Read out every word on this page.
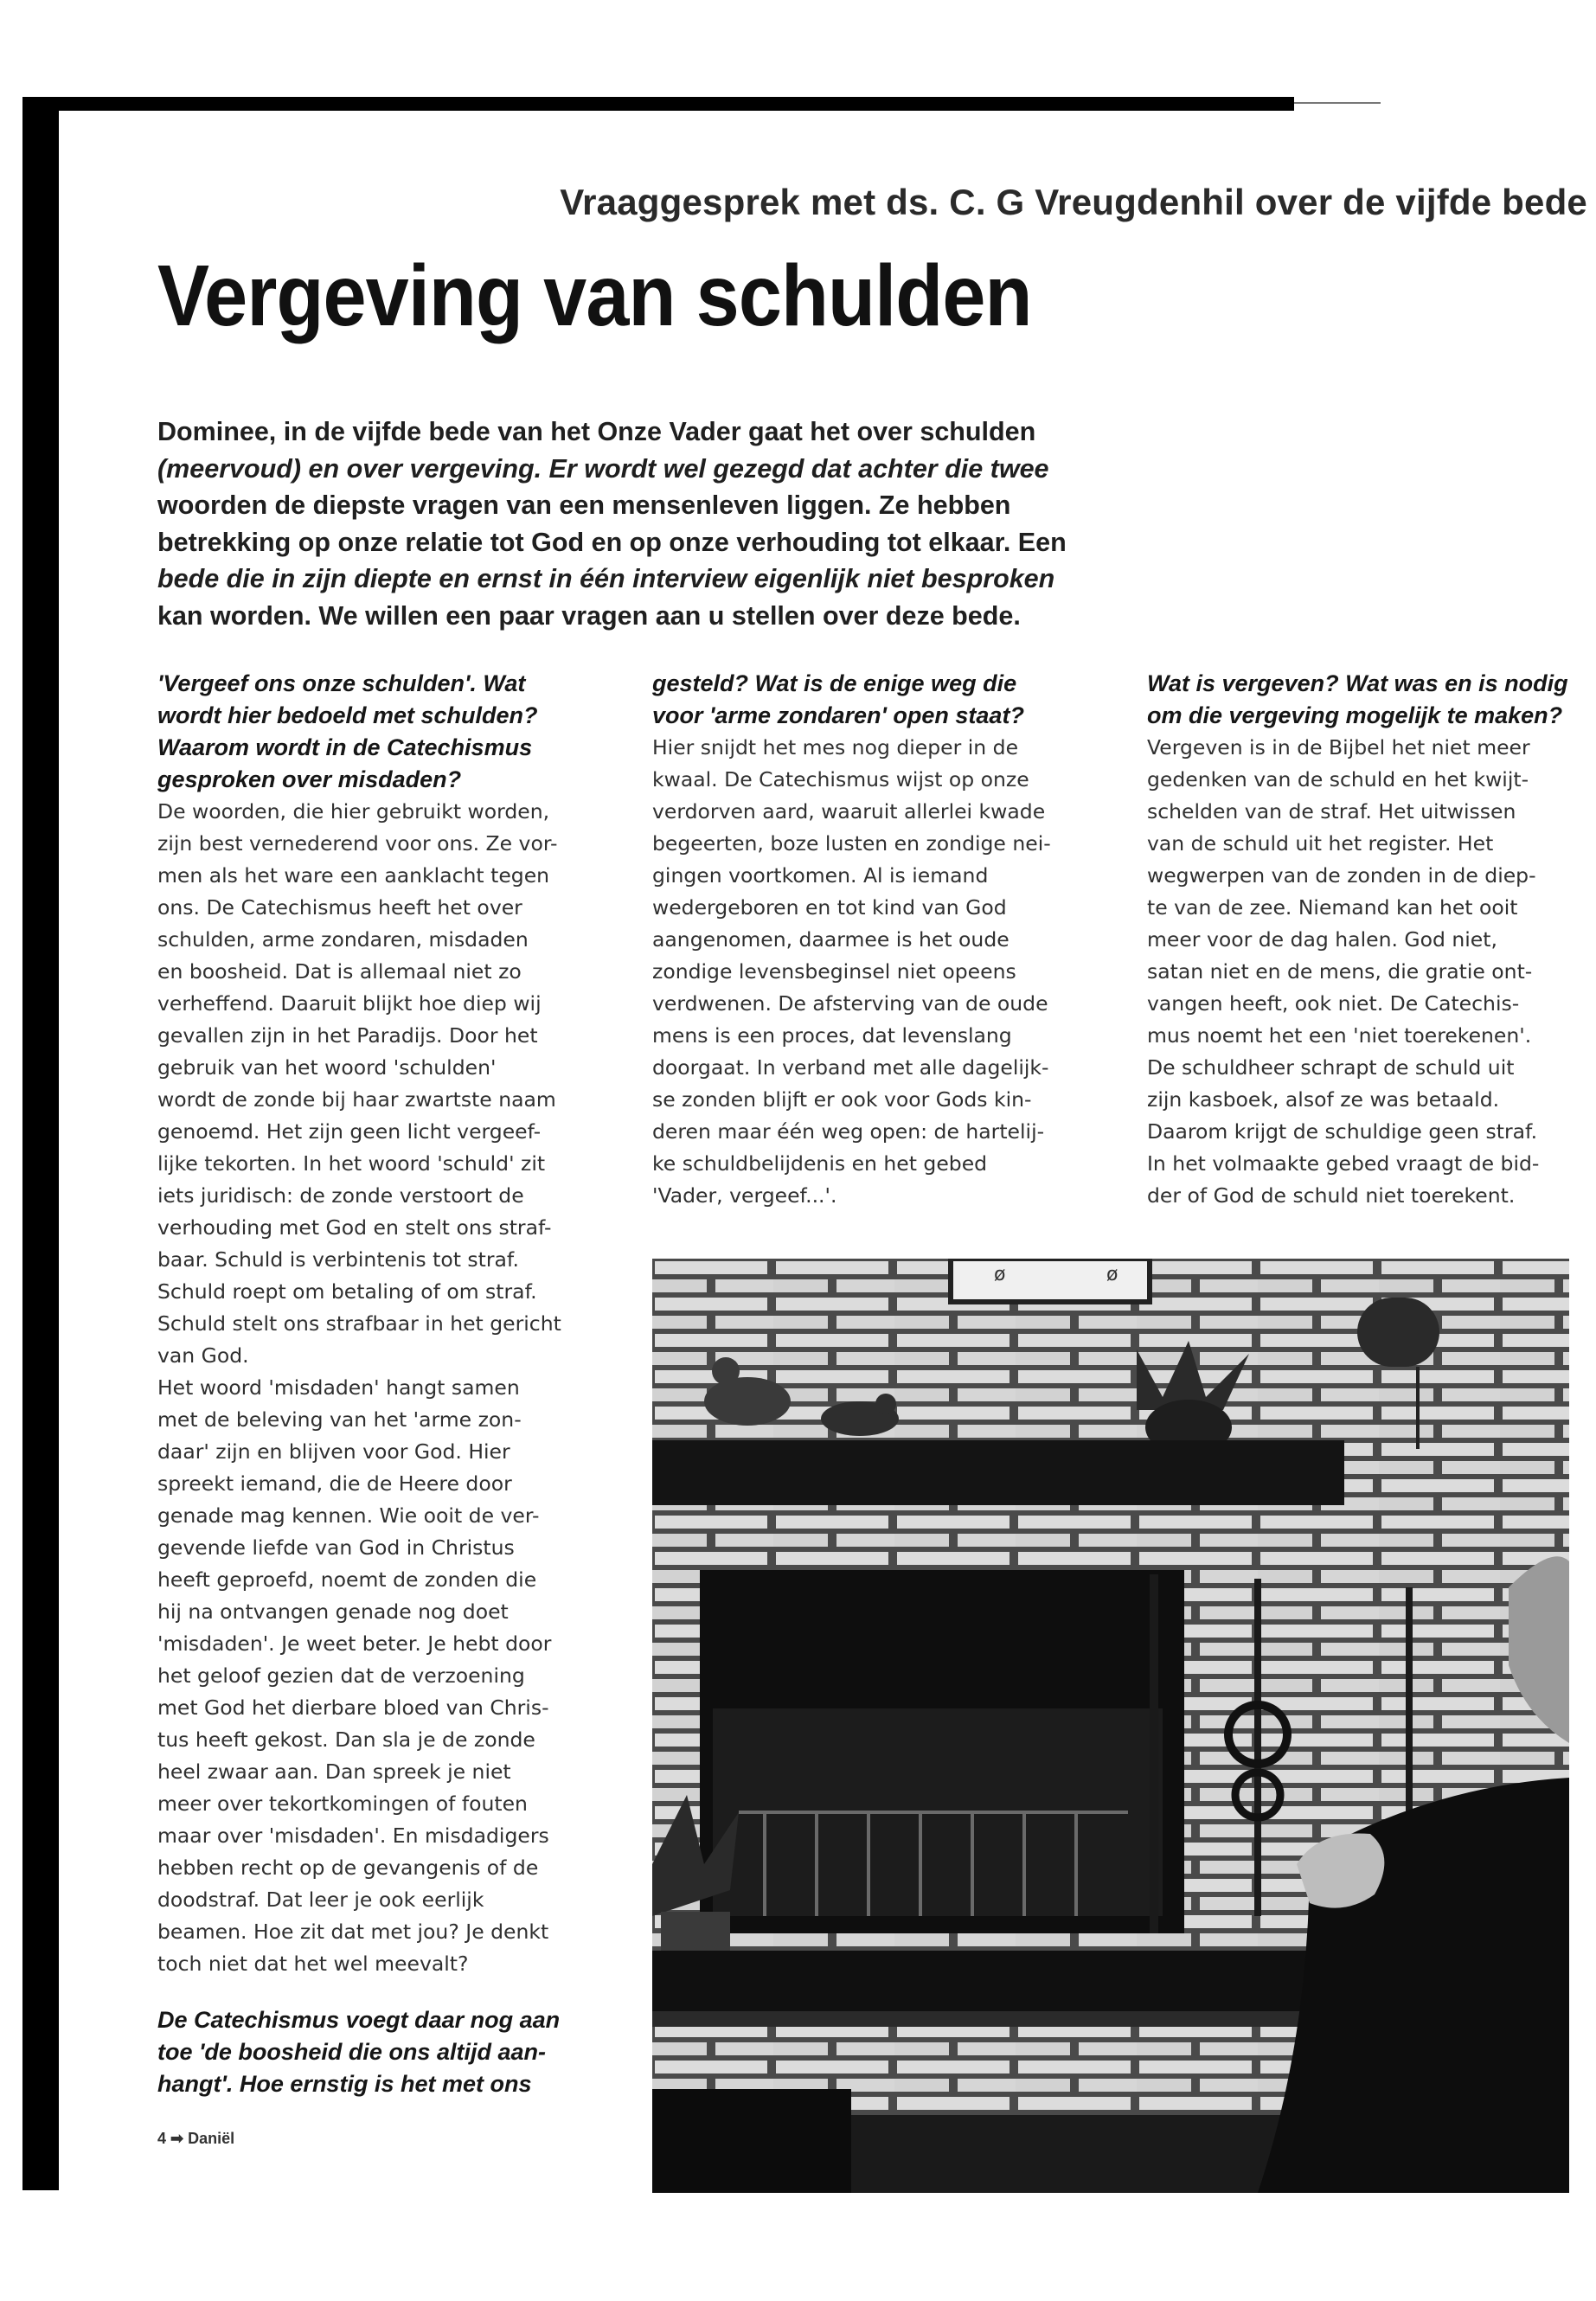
Vraaggesprek met ds. C. G Vreugdenhil over de vijfde bede
Vergeving van schulden

Dominee, in de vijfde bede van het Onze Vader gaat het over schulden

(meervoud) en over vergeving. Er wordt wel gezegd dat achter die twee

woorden de diepste vragen van een mensenleven liggen. Ze hebben

betrekking op onze relatie tot God en op onze verhouding tot elkaar. Een

bede die in zijn diepte en ernst in één interview eigenlijk niet besproken

kan worden. We willen een paar vragen aan u stellen over deze bede.

'Vergeef ons onze schulden'. Wat

wordt hier bedoeld met schulden?

Waarom wordt in de Catechismus

gesproken over misdaden?

De woorden, die hier gebruikt worden,

zijn best vernederend voor ons. Ze vor-

men als het ware een aanklacht tegen

ons. De Catechismus heeft het over

schulden, arme zondaren, misdaden

en boosheid. Dat is allemaal niet zo

verheffend. Daaruit blijkt hoe diep wij

gevallen zijn in het Paradijs. Door het

gebruik van het woord 'schulden'

wordt de zonde bij haar zwartste naam

genoemd. Het zijn geen licht vergeef-

lijke tekorten. In het woord 'schuld' zit

iets juridisch: de zonde verstoort de

verhouding met God en stelt ons straf-

baar. Schuld is verbintenis tot straf.

Schuld roept om betaling of om straf.

Schuld stelt ons strafbaar in het gericht

van God.

Het woord 'misdaden' hangt samen

met de beleving van het 'arme zon-

daar' zijn en blijven voor God. Hier

spreekt iemand, die de Heere door

genade mag kennen. Wie ooit de ver-

gevende liefde van God in Christus

heeft geproefd, noemt de zonden die

hij na ontvangen genade nog doet

'misdaden'. Je weet beter. Je hebt door

het geloof gezien dat de verzoening

met God het dierbare bloed van Chris-

tus heeft gekost. Dan sla je de zonde

heel zwaar aan. Dan spreek je niet

meer over tekortkomingen of fouten

maar over 'misdaden'. En misdadigers

hebben recht op de gevangenis of de

doodstraf. Dat leer je ook eerlijk

beamen. Hoe zit dat met jou? Je denkt

toch niet dat het wel meevalt?

De Catechismus voegt daar nog aan

toe 'de boosheid die ons altijd aan-

hangt'. Hoe ernstig is het met ons

gesteld? Wat is de enige weg die

voor 'arme zondaren' open staat?

Hier snijdt het mes nog dieper in de

kwaal. De Catechismus wijst op onze

verdorven aard, waaruit allerlei kwade

begeerten, boze lusten en zondige nei-

gingen voortkomen. Al is iemand

wedergeboren en tot kind van God

aangenomen, daarmee is het oude

zondige levensbeginsel niet opeens

verdwenen. De afsterving van de oude

mens is een proces, dat levenslang

doorgaat. In verband met alle dagelijk-

se zonden blijft er ook voor Gods kin-

deren maar één weg open: de hartelij-

ke schuldbelijdenis en het gebed

'Vader, vergeef...'.

Wat is vergeven? Wat was en is nodig

om die vergeving mogelijk te maken?

Vergeven is in de Bijbel het niet meer

gedenken van de schuld en het kwijt-

schelden van de straf. Het uitwissen

van de schuld uit het register. Het

wegwerpen van de zonden in de diep-

te van de zee. Niemand kan het ooit

meer voor de dag halen. God niet,

satan niet en de mens, die gratie ont-

vangen heeft, ook niet. De Catechis-

mus noemt het een 'niet toerekenen'.

De schuldheer schrapt de schuld uit

zijn kasboek, alsof ze was betaald.

Daarom krijgt de schuldige geen straf.

In het volmaakte gebed vraagt de bid-

der of God de schuld niet toerekent.

ø	ø
4 ➡ Daniël
